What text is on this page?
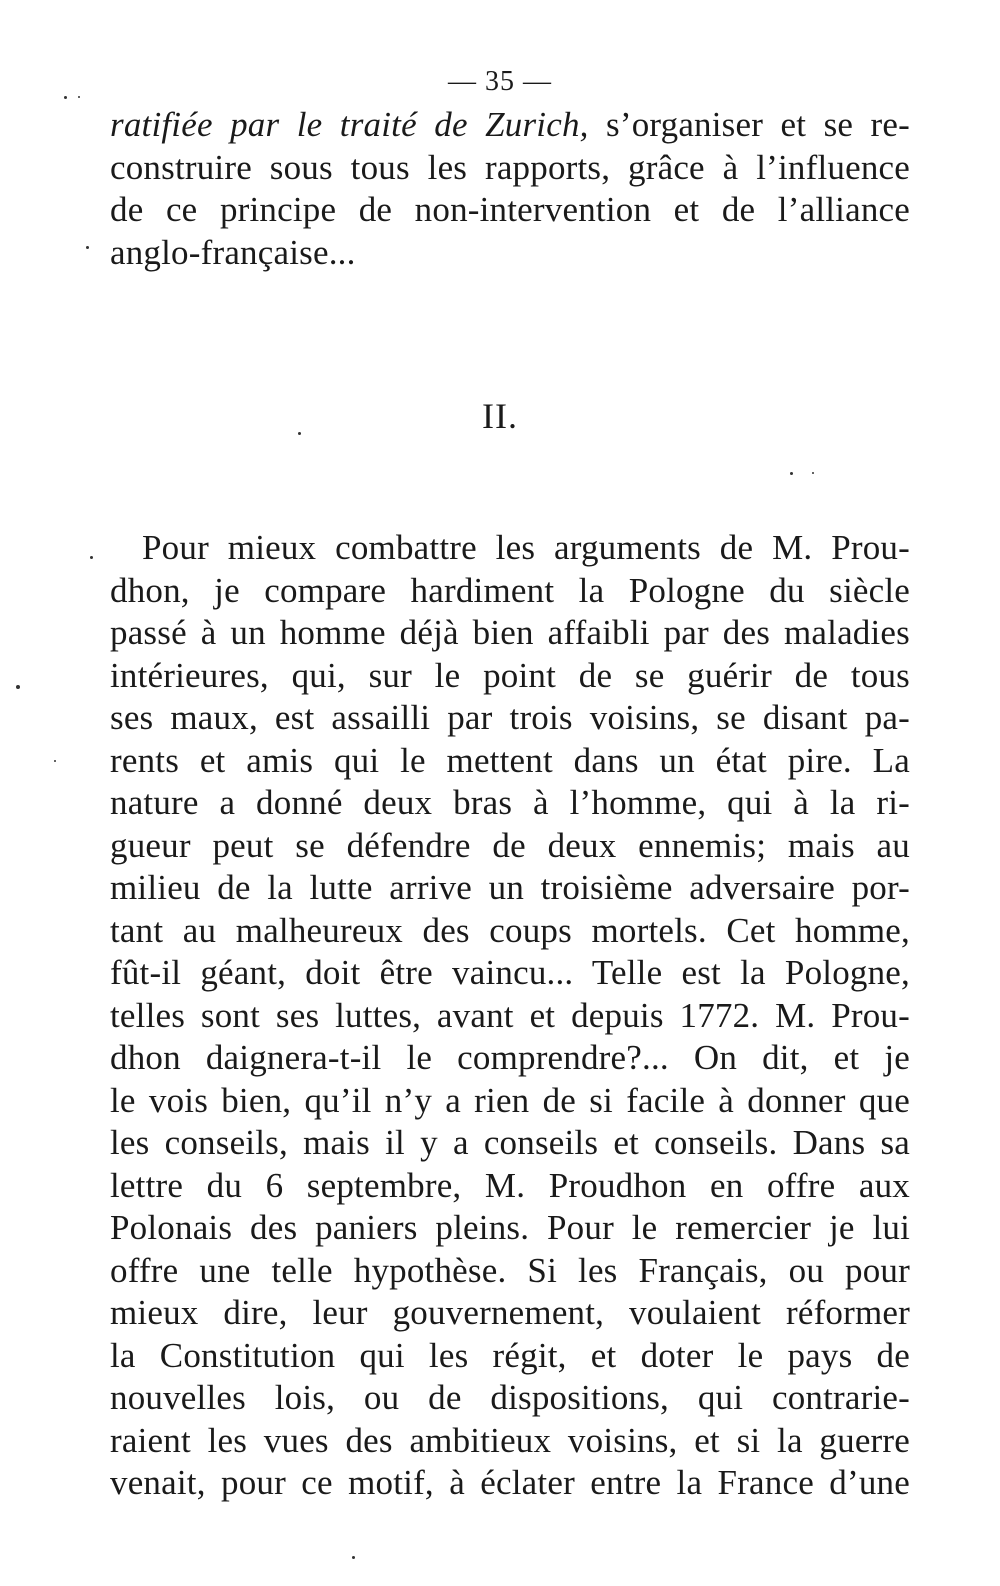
— 35 —
ratifiée par le traité de Zurich, s’organiser et se re-
construire sous tous les rapports, grâce à l’influence
de ce principe de non-intervention et de l’alliance
anglo-française...
II.
Pour mieux combattre les arguments de M. Prou-
dhon, je compare hardiment la Pologne du siècle
passé à un homme déjà bien affaibli par des maladies
intérieures, qui, sur le point de se guérir de tous
ses maux, est assailli par trois voisins, se disant pa-
rents et amis qui le mettent dans un état pire. La
nature a donné deux bras à l’homme, qui à la ri-
gueur peut se défendre de deux ennemis; mais au
milieu de la lutte arrive un troisième adversaire por-
tant au malheureux des coups mortels. Cet homme,
fût-il géant, doit être vaincu... Telle est la Pologne,
telles sont ses luttes, avant et depuis 1772. M. Prou-
dhon daignera-t-il le comprendre?... On dit, et je
le vois bien, qu’il n’y a rien de si facile à donner que
les conseils, mais il y a conseils et conseils. Dans sa
lettre du 6 septembre, M. Proudhon en offre aux
Polonais des paniers pleins. Pour le remercier je lui
offre une telle hypothèse. Si les Français, ou pour
mieux dire, leur gouvernement, voulaient réformer
la Constitution qui les régit, et doter le pays de
nouvelles lois, ou de dispositions, qui contrarie-
raient les vues des ambitieux voisins, et si la guerre
venait, pour ce motif, à éclater entre la France d’une
